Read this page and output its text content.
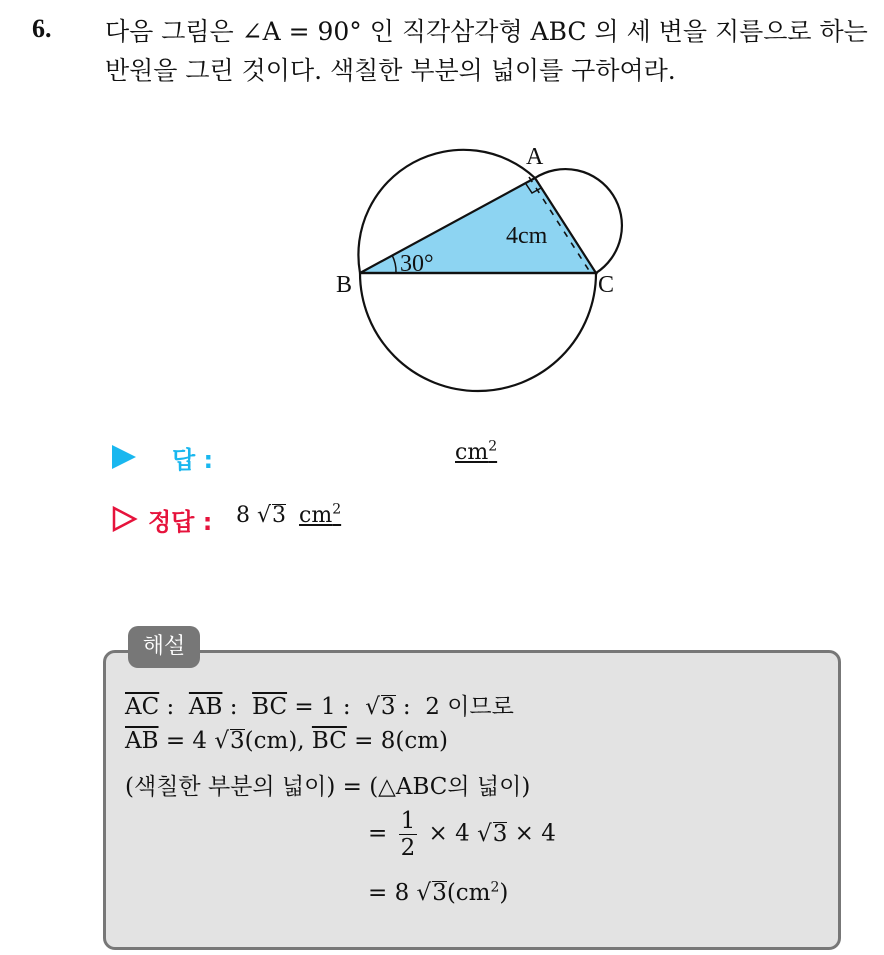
6. 다음 그림은 ∠A = 90° 인 직각삼각형 ABC 의 세 변을 지름으로 하는 반원을 그린 것이다. 색칠한 부분의 넓이를 구하여라.
A
B	C
30°
4cm
답 :	$cm^2$
정답 : 8 √3 $cm^2$
해설
$\overline{AC}$ :  $\overline{AB}$ :  $\overline{BC} = 1$ :  √3 :  2 이므로
$\overline{AB} = 4$ √3(cm), $\overline{BC} = 8(cm)$
(색칠한 부분의 넓이) = (△ABC의 넓이)
= $\frac{1}{2} \times 4$ √3 × 4
= 8 $√3(cm^2)$
